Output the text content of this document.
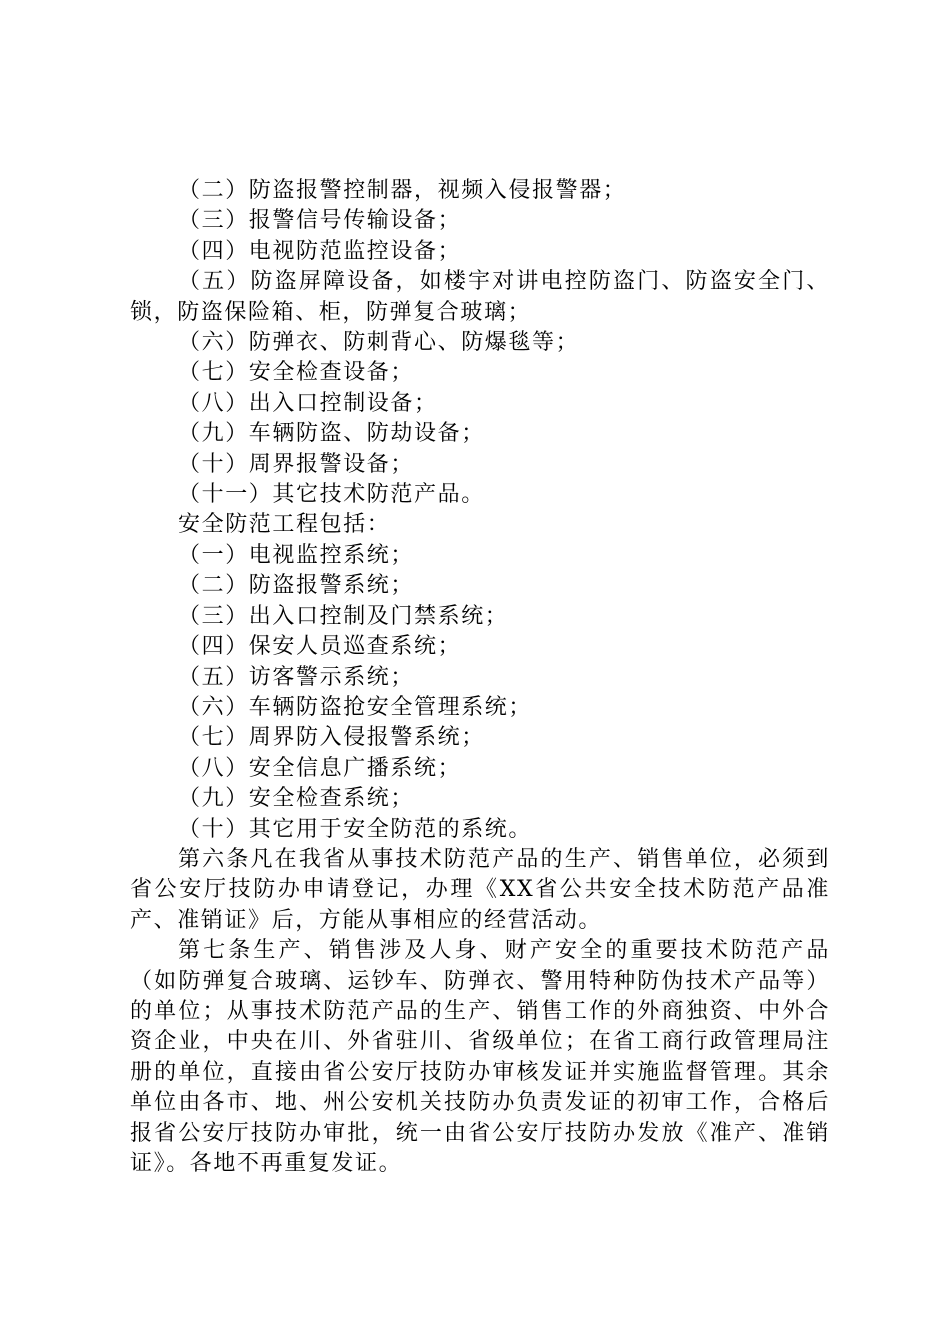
（二）防盗报警控制器，视频入侵报警器；

（三）报警信号传输设备；

（四）电视防范监控设备；

（五）防盗屏障设备，如楼宇对讲电控防盗门、防盗安全门、锁，防盗保险箱、柜，防弹复合玻璃；

（六）防弹衣、防刺背心、防爆毯等；

（七）安全检查设备；

（八）出入口控制设备；

（九）车辆防盗、防劫设备；

（十）周界报警设备；

（十一）其它技术防范产品。

安全防范工程包括：

（一）电视监控系统；

（二）防盗报警系统；

（三）出入口控制及门禁系统；

（四）保安人员巡查系统；

（五）访客警示系统；

（六）车辆防盗抢安全管理系统；

（七）周界防入侵报警系统；

（八）安全信息广播系统；

（九）安全检查系统；

（十）其它用于安全防范的系统。

第六条凡在我省从事技术防范产品的生产、销售单位，必须到省公安厅技防办申请登记，办理《XX省公共安全技术防范产品准产、准销证》后，方能从事相应的经营活动。

第七条生产、销售涉及人身、财产安全的重要技术防范产品（如防弹复合玻璃、运钞车、防弹衣、警用特种防伪技术产品等）的单位；从事技术防范产品的生产、销售工作的外商独资、中外合资企业，中央在川、外省驻川、省级单位；在省工商行政管理局注册的单位，直接由省公安厅技防办审核发证并实施监督管理。其余单位由各市、地、州公安机关技防办负责发证的初审工作，合格后报省公安厅技防办审批，统一由省公安厅技防办发放《准产、准销证》。各地不再重复发证。
